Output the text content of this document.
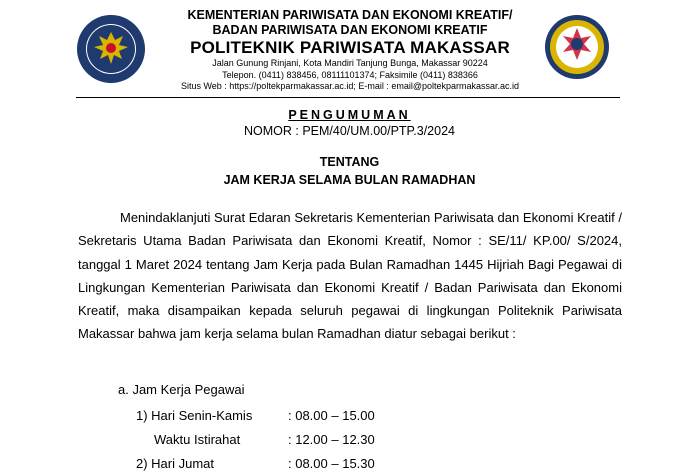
KEMENTERIAN PARIWISATA DAN EKONOMI KREATIF/
BADAN PARIWISATA DAN EKONOMI KREATIF
POLITEKNIK PARIWISATA MAKASSAR
Jalan Gunung Rinjani, Kota Mandiri Tanjung Bunga, Makassar 90224
Telepon. (0411) 838456, 08111101374; Faksimile (0411) 838366
Situs Web : https://poltekparmakassar.ac.id; E-mail : email@poltekparmakassar.ac.id
PENGUMUMAN
NOMOR : PEM/40/UM.00/PTP.3/2024
TENTANG
JAM KERJA SELAMA BULAN RAMADHAN
Menindaklanjuti Surat Edaran Sekretaris Kementerian Pariwisata dan Ekonomi Kreatif / Sekretaris Utama Badan Pariwisata dan Ekonomi Kreatif, Nomor : SE/11/ KP.00/ S/2024, tanggal 1 Maret 2024 tentang Jam Kerja pada Bulan Ramadhan 1445 Hijriah Bagi Pegawai di Lingkungan Kementerian Pariwisata dan Ekonomi Kreatif / Badan Pariwisata dan Ekonomi Kreatif, maka disampaikan kepada seluruh pegawai di lingkungan Politeknik Pariwisata Makassar bahwa jam kerja selama bulan Ramadhan diatur sebagai berikut :
a. Jam Kerja Pegawai
1) Hari Senin-Kamis	: 08.00 – 15.00
Waktu Istirahat	: 12.00 – 12.30
2) Hari Jumat	: 08.00 – 15.30
